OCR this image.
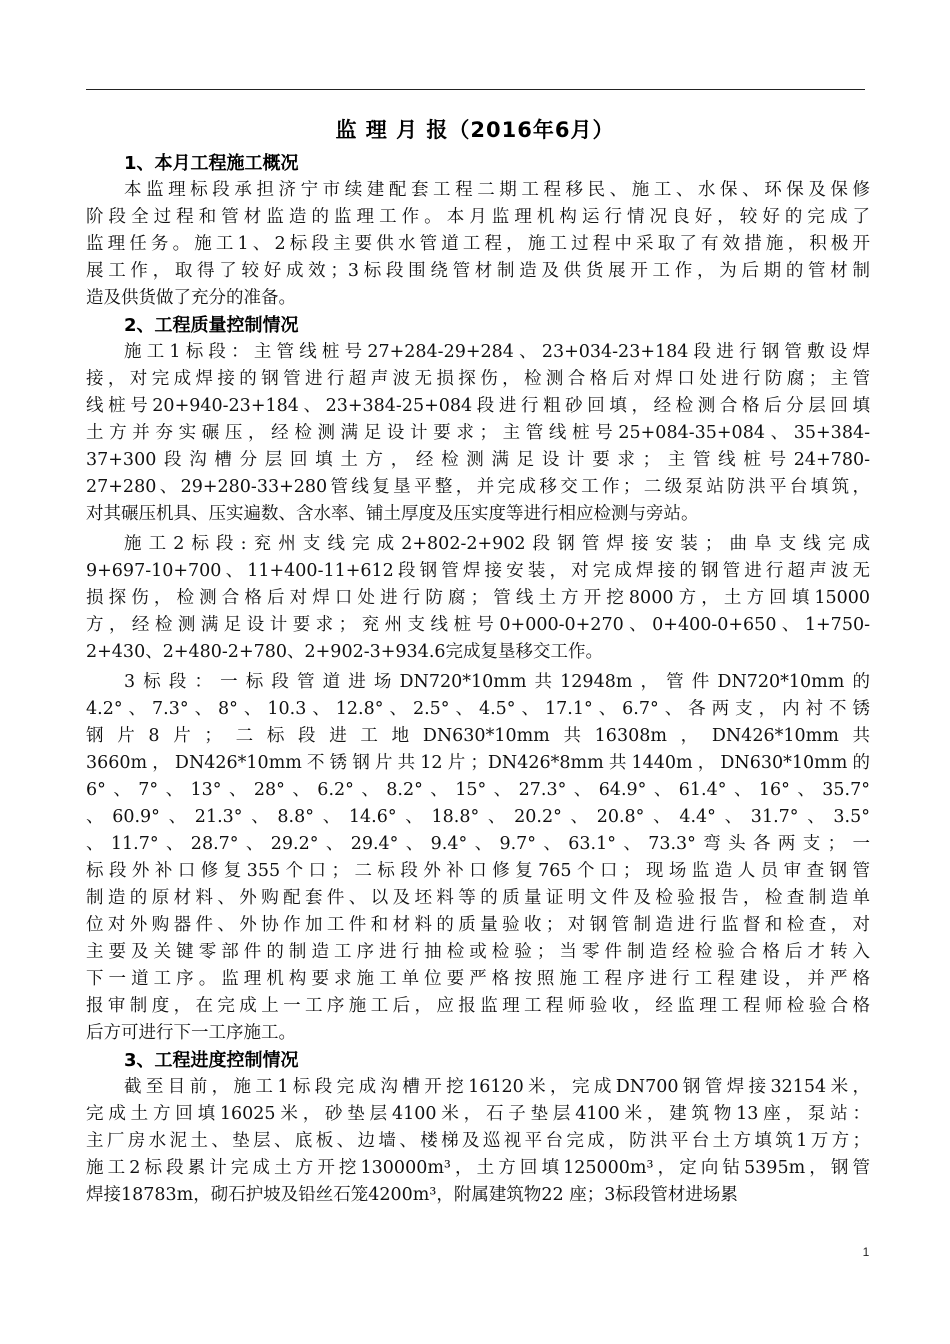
监 理 月 报（2016年6月）
1、本月工程施工概况
本监理标段承担济宁市续建配套工程二期工程移民、施工、水保、环保及保修
阶段全过程和管材监造的监理工作。本月监理机构运行情况良好，较好的完成了
监理任务。施工1、2标段主要供水管道工程，施工过程中采取了有效措施，积极开
展工作，取得了较好成效；3标段围绕管材制造及供货展开工作，为后期的管材制
造及供货做了充分的准备。
2、工程质量控制情况
施工1标段：主管线桩号27+284-29+284、23+034-23+184段进行钢管敷设焊
接，对完成焊接的钢管进行超声波无损探伤，检测合格后对焊口处进行防腐；主管
线桩号20+940-23+184、23+384-25+084段进行粗砂回填，经检测合格后分层回填
土方并夯实碾压，经检测满足设计要求；主管线桩号25+084-35+084、35+384-
37+300段沟槽分层回填土方，经检测满足设计要求；主管线桩号24+780-
27+280、29+280-33+280管线复垦平整，并完成移交工作；二级泵站防洪平台填筑，
对其碾压机具、压实遍数、含水率、铺土厚度及压实度等进行相应检测与旁站。
施工2标段:兖州支线完成2+802-2+902段钢管焊接安装；曲阜支线完成
9+697-10+700、11+400-11+612段钢管焊接安装，对完成焊接的钢管进行超声波无
损探伤，检测合格后对焊口处进行防腐；管线土方开挖8000方，土方回填15000
方，经检测满足设计要求；兖州支线桩号0+000-0+270、0+400-0+650、1+750-
2+430、2+480-2+780、2+902-3+934.6完成复垦移交工作。
3标段：一标段管道进场DN720*10mm共12948m，管件DN720*10mm的
4.2°、7.3°、8°、10.3、12.8°、2.5°、4.5°、17.1°、6.7°、各两支，内衬不锈
钢片8片；二标段进工地DN630*10mm共16308m，DN426*10mm共
3660m，DN426*10mm不锈钢片共12片；DN426*8mm共1440m，DN630*10mm的
6°、7°、13°、28°、6.2°、8.2°、15°、27.3°、64.9°、61.4°、16°、35.7°
、60.9°、21.3°、8.8°、14.6°、18.8°、20.2°、20.8°、4.4°、31.7°、3.5°
、11.7°、28.7°、29.2°、29.4°、9.4°、9.7°、63.1°、73.3°弯头各两支；一
标段外补口修复355个口；二标段外补口修复765个口；现场监造人员审查钢管
制造的原材料、外购配套件、以及坯料等的质量证明文件及检验报告，检查制造单
位对外购器件、外协作加工件和材料的质量验收；对钢管制造进行监督和检查，对
主要及关键零部件的制造工序进行抽检或检验；当零件制造经检验合格后才转入
下一道工序。监理机构要求施工单位要严格按照施工程序进行工程建设，并严格
报审制度，在完成上一工序施工后，应报监理工程师验收，经监理工程师检验合格
后方可进行下一工序施工。
3、工程进度控制情况
截至目前，施工1标段完成沟槽开挖16120米，完成DN700钢管焊接32154米，
完成土方回填16025米，砂垫层4100米，石子垫层4100米，建筑物13座，泵站：
主厂房水泥土、垫层、底板、边墙、楼梯及巡视平台完成，防洪平台土方填筑1万方；
施工2标段累计完成土方开挖130000m³，土方回填125000m³，定向钻5395m，钢管
焊接18783m，砌石护坡及铅丝石笼4200m³，附属建筑物22 座；3标段管材进场累
1
